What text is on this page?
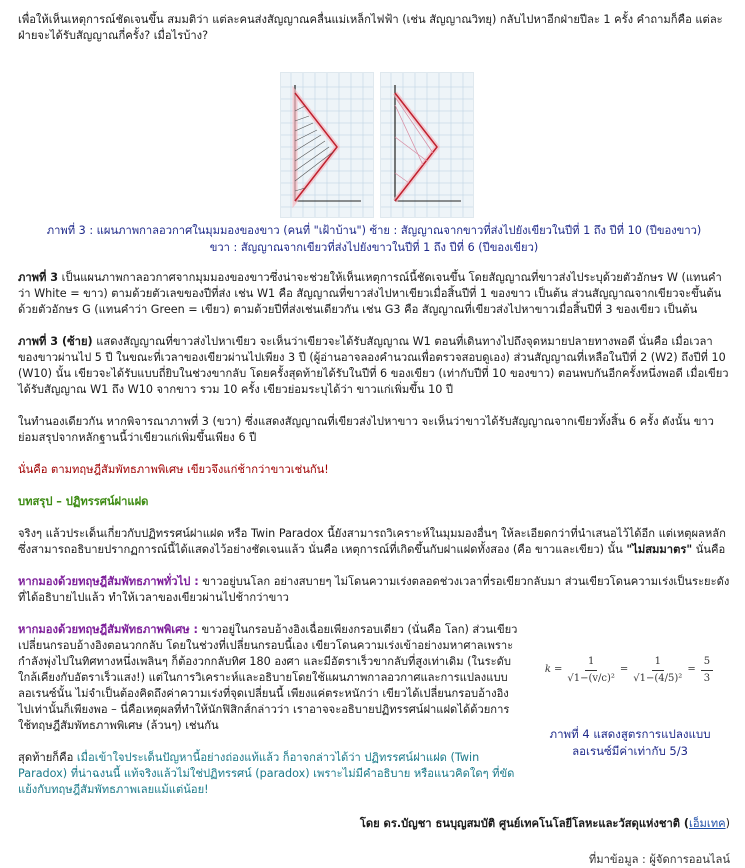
เพื่อให้เห็นเหตุการณ์ชัดเจนขึ้น สมมติว่า แต่ละคนส่งสัญญาณคลื่นแม่เหล็กไฟฟ้า (เช่น สัญญาณวิทยุ) กลับไปหาอีกฝ่ายปีละ 1 ครั้ง คำถามก็คือ แต่ละฝ่ายจะได้รับสัญญาณกี่ครั้ง? เมื่อไรบ้าง?

ภาพที่ 3 : แผนภาพกาลอวกาศในมุมมองของขาว (คนที่ "เฝ้าบ้าน") ซ้าย : สัญญาณจากขาวที่ส่งไปยังเขียวในปีที่ 1 ถึง ปีที่ 10 (ปีของขาว)
ขวา : สัญญาณจากเขียวที่ส่งไปยังขาวในปีที่ 1 ถึง ปีที่ 6 (ปีของเขียว)

ภาพที่ 3 เป็นแผนภาพกาลอวกาศจากมุมมองของขาวซึ่งน่าจะช่วยให้เห็นเหตุการณ์นี้ชัดเจนขึ้น โดยสัญญาณที่ขาวส่งไประบุด้วยตัวอักษร W (แทนคำว่า White = ขาว) ตามด้วยตัวเลขของปีที่ส่ง เช่น W1 คือ สัญญาณที่ขาวส่งไปหาเขียวเมื่อสิ้นปีที่ 1 ของขาว เป็นต้น ส่วนสัญญาณจากเขียวจะขึ้นต้นด้วยตัวอักษร G (แทนคำว่า Green = เขียว) ตามด้วยปีที่ส่งเช่นเดียวกัน เช่น G3 คือ สัญญาณที่เขียวส่งไปหาขาวเมื่อสิ้นปีที่ 3 ของเขียว เป็นต้น

ภาพที่ 3 (ซ้าย) แสดงสัญญาณที่ขาวส่งไปหาเขียว จะเห็นว่าเขียวจะได้รับสัญญาณ W1 ตอนที่เดินทางไปถึงจุดหมายปลายทางพอดี นั่นคือ เมื่อเวลาของขาวผ่านไป 5 ปี ในขณะที่เวลาของเขียวผ่านไปเพียง 3 ปี (ผู้อ่านอาจลองคำนวณเพื่อตรวจสอบดูเอง) ส่วนสัญญาณที่เหลือในปีที่ 2 (W2) ถึงปีที่ 10 (W10) นั้น เขียวจะได้รับแบบถี่ยิบในช่วงขากลับ โดยครั้งสุดท้ายได้รับในปีที่ 6 ของเขียว (เท่ากับปีที่ 10 ของขาว) ตอนพบกันอีกครั้งหนึ่งพอดี เมื่อเขียวได้รับสัญญาณ W1 ถึง W10 จากขาว รวม 10 ครั้ง เขียวย่อมระบุได้ว่า ขาวแก่เพิ่มขึ้น 10 ปี

ในทำนองเดียวกัน หากพิจารณาภาพที่ 3 (ขวา) ซึ่งแสดงสัญญาณที่เขียวส่งไปหาขาว จะเห็นว่าขาวได้รับสัญญาณจากเขียวทั้งสิ้น 6 ครั้ง ดังนั้น ขาวย่อมสรุปจากหลักฐานนี้ว่าเขียวแก่เพิ่มขึ้นเพียง 6 ปี

นั่นคือ ตามทฤษฎีสัมพัทธภาพพิเศษ เขียวจึงแก่ช้ากว่าขาวเช่นกัน!

บทสรุป – ปฏิทรรศน์ฝาแฝด

จริงๆ แล้วประเด็นเกี่ยวกับปฏิทรรศน์ฝาแฝด หรือ Twin Paradox นี้ยังสามารถวิเคราะห์ในมุมมองอื่นๆ ให้ละเอียดกว่าที่นำเสนอไว้ได้อีก แต่เหตุผลหลักซึ่งสามารถอธิบายปรากฏการณ์นี้ได้แสดงไว้อย่างชัดเจนแล้ว นั่นคือ เหตุการณ์ที่เกิดขึ้นกับฝาแฝดทั้งสอง (คือ ขาวและเขียว) นั้น "ไม่สมมาตร" นั่นคือ

หากมองด้วยทฤษฎีสัมพัทธภาพทั่วไป : ขาวอยู่บนโลก อย่างสบายๆ ไม่โดนความเร่งตลอดช่วงเวลาที่รอเขียวกลับมา ส่วนเขียวโดนความเร่งเป็นระยะดังที่ได้อธิบายไปแล้ว ทำให้เวลาของเขียวผ่านไปช้ากว่าขาว

หากมองด้วยทฤษฎีสัมพัทธภาพพิเศษ : ขาวอยู่ในกรอบอ้างอิงเฉื่อยเพียงกรอบเดียว (นั่นคือ โลก) ส่วนเขียวเปลี่ยนกรอบอ้างอิงตอนวกกลับ โดยในช่วงที่เปลี่ยนกรอบนี้เอง เขียวโดนความเร่งเข้าอย่างมหาศาลเพราะกำลังพุ่งไปในทิศทางหนึ่งเพลินๆ ก็ต้องวกกลับทิศ 180 องศา และมีอัตราเร็วขากลับที่สูงเท่าเดิม (ในระดับใกล้เคียงกับอัตราเร็วแสง!) แต่ในการวิเคราะห์และอธิบายโดยใช้แผนภาพกาลอวกาศและการแปลงแบบลอเรนซ์นั้น ไม่จำเป็นต้องคิดถึงค่าความเร่งที่จุดเปลี่ยนนี้ เพียงแค่ตระหนักว่า เขียวได้เปลี่ยนกรอบอ้างอิงไปเท่านั้นก็เพียงพอ – นี่คือเหตุผลที่ทำให้นักฟิสิกส์กล่าวว่า เราอาจจะอธิบายปฏิทรรศน์ฝาแฝดได้ด้วยการใช้ทฤษฎีสัมพัทธภาพพิเศษ (ล้วนๆ) เช่นกัน

สุดท้ายก็คือ เมื่อเข้าใจประเด็นปัญหานี้อย่างถ่องแท้แล้ว ก็อาจกล่าวได้ว่า ปฏิทรรศน์ฝาแฝด (Twin Paradox) ที่น่าฉงนนี้ แท้จริงแล้วไม่ใช่ปฏิทรรศน์ (paradox) เพราะไม่มีคำอธิบาย หรือแนวคิดใดๆ ที่ขัดแย้งกับทฤษฎีสัมพัทธภาพเลยแม้แต่น้อย!

$k = \frac{1}{\text{√1−(v/c)²}} = \frac{1}{\text{√1−(4/5)²}} = \frac{5}{3}$
ภาพที่ 4 แสดงสูตรการแปลงแบบ
ลอเรนซ์มีค่าเท่ากับ 5/3

โดย ดร.บัญชา ธนบุญสมบัติ ศูนย์เทคโนโลยีโลหะและวัสดุแห่งชาติ (เอ็มเทค)

ที่มาข้อมูล : ผู้จัดการออนไลน์
